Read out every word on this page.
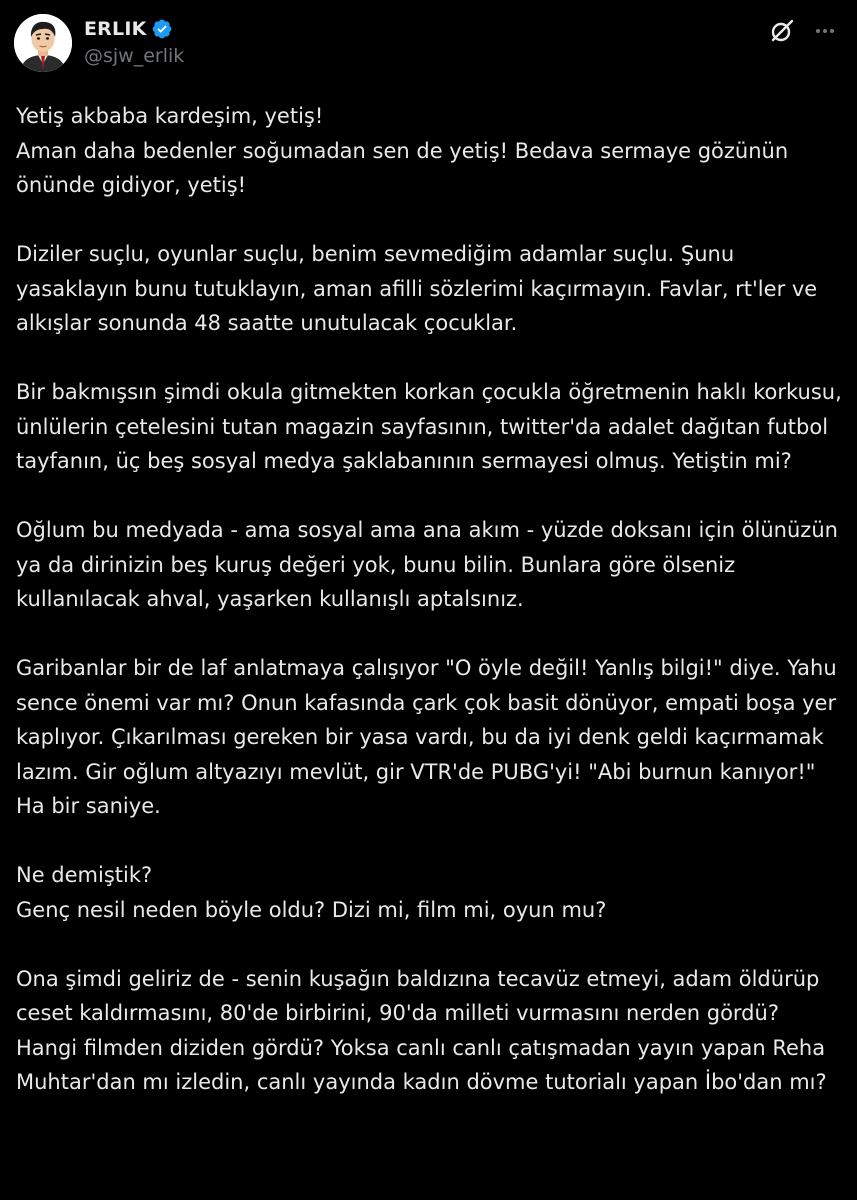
ERLIK
@sjw_erlik

Yetiş akbaba kardeşim, yetiş!
Aman daha bedenler soğumadan sen de yetiş! Bedava sermaye gözünün önünde gidiyor, yetiş!

Diziler suçlu, oyunlar suçlu, benim sevmediğim adamlar suçlu. Şunu yasaklayın bunu tutuklayın, aman afilli sözlerimi kaçırmayın. Favlar, rt'ler ve alkışlar sonunda 48 saatte unutulacak çocuklar.

Bir bakmışsın şimdi okula gitmekten korkan çocukla öğretmenin haklı korkusu, ünlülerin çetelesini tutan magazin sayfasının, twitter'da adalet dağıtan futbol tayfanın, üç beş sosyal medya şaklabanının sermayesi olmuş. Yetiştin mi?

Oğlum bu medyada - ama sosyal ama ana akım - yüzde doksanı için ölünüzün ya da dirinizin beş kuruş değeri yok, bunu bilin. Bunlara göre ölseniz kullanılacak ahval, yaşarken kullanışlı aptalsınız.

Garibanlar bir de laf anlatmaya çalışıyor "O öyle değil! Yanlış bilgi!" diye. Yahu sence önemi var mı? Onun kafasında çark çok basit dönüyor, empati boşa yer kaplıyor. Çıkarılması gereken bir yasa vardı, bu da iyi denk geldi kaçırmamak lazım. Gir oğlum altyazıyı mevlüt, gir VTR'de PUBG'yi! "Abi burnun kanıyor!" Ha bir saniye.

Ne demiştik?
Genç nesil neden böyle oldu? Dizi mi, film mi, oyun mu?

Ona şimdi geliriz de - senin kuşağın baldızına tecavüz etmeyi, adam öldürüp ceset kaldırmasını, 80'de birbirini, 90'da milleti vurmasını nerden gördü? Hangi filmden diziden gördü? Yoksa canlı canlı çatışmadan yayın yapan Reha Muhtar'dan mı izledin, canlı yayında kadın dövme tutorialı yapan İbo'dan mı?
